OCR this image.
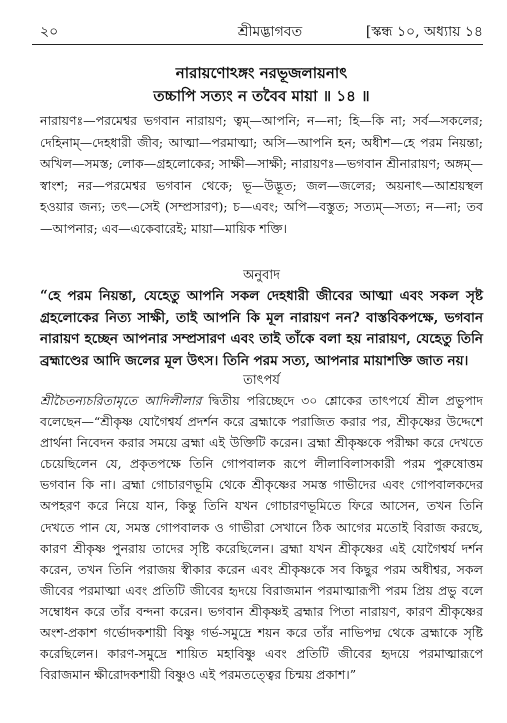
২০	শ্রীমদ্ভাগবত	[স্কন্ধ ১০, অধ্যায় ১৪
নারায়ণোঽঙ্গং নরভূজলায়নাৎ
তচ্চাপি সত্যং ন তবৈব মায়া ॥ ১৪ ॥

নারায়ণঃ—পরমেশ্বর ভগবান নারায়ণ; ত্বম্—আপনি; ন—না; হি—কি না; সর্ব—সকলের; দেহিনাম্—দেহধারী জীব; আত্মা—পরমাত্মা; অসি—আপনি হন; অধীশ—হে পরম নিয়ন্তা; অখিল—সমস্ত; লোক—গ্রহলোকের; সাক্ষী—সাক্ষী; নারায়ণঃ—ভগবান শ্রীনারায়ণ; অঙ্গম্—স্বাংশ; নর—পরমেশ্বর ভগবান থেকে; ভূ—উদ্ভূত; জল—জলের; অয়নাৎ—আশ্রয়স্থল হওয়ার জন্য; তৎ—সেই (সম্প্রসারণ); চ—এবং; অপি—বস্তুত; সত্যম্—সত্য; ন—না; তব—আপনার; এব—একেবারেই; মায়া—মায়িক শক্তি।

অনুবাদ
“হে পরম নিয়ন্তা, যেহেতু আপনি সকল দেহধারী জীবের আত্মা এবং সকল সৃষ্ট গ্রহলোকের নিত্য সাক্ষী, তাই আপনি কি মূল নারায়ণ নন? বাস্তবিকপক্ষে, ভগবান নারায়ণ হচ্ছেন আপনার সম্প্রসারণ এবং তাই তাঁকে বলা হয় নারায়ণ, যেহেতু তিনি ব্রহ্মাণ্ডের আদি জলের মূল উৎস। তিনি পরম সত্য, আপনার মায়াশক্তি জাত নয়।
তাৎপর্য

শ্রীচৈতন্যচরিতামৃতে আদিলীলার দ্বিতীয় পরিচ্ছেদে ৩০ শ্লোকের তাৎপর্যে শ্রীল প্রভুপাদ বলেছেন—“শ্রীকৃষ্ণ যোগৈশ্বর্য প্রদর্শন করে ব্রহ্মাকে পরাজিত করার পর, শ্রীকৃষ্ণের উদ্দেশে প্রার্থনা নিবেদন করার সময়ে ব্রহ্মা এই উক্তিটি করেন। ব্রহ্মা শ্রীকৃষ্ণকে পরীক্ষা করে দেখতে চেয়েছিলেন যে, প্রকৃতপক্ষে তিনি গোপবালক রূপে লীলাবিলাসকারী পরম পুরুষোত্তম ভগবান কি না। ব্রহ্মা গোচারণভূমি থেকে শ্রীকৃষ্ণের সমস্ত গাভীদের এবং গোপবালকদের অপহরণ করে নিয়ে যান, কিন্তু তিনি যখন গোচারণভূমিতে ফিরে আসেন, তখন তিনি দেখতে পান যে, সমস্ত গোপবালক ও গাভীরা সেখানে ঠিক আগের মতোই বিরাজ করছে, কারণ শ্রীকৃষ্ণ পুনরায় তাদের সৃষ্টি করেছিলেন। ব্রহ্মা যখন শ্রীকৃষ্ণের এই যোগৈশ্বর্য দর্শন করেন, তখন তিনি পরাজয় স্বীকার করেন এবং শ্রীকৃষ্ণকে সব কিছুর পরম অধীশ্বর, সকল জীবের পরমাত্মা এবং প্রতিটি জীবের হৃদয়ে বিরাজমান পরমাত্মারূপী পরম প্রিয় প্রভু বলে সম্বোধন করে তাঁর বন্দনা করেন। ভগবান শ্রীকৃষ্ণই ব্রহ্মার পিতা নারায়ণ, কারণ শ্রীকৃষ্ণের অংশ-প্রকাশ গর্ভোদকশায়ী বিষ্ণু গর্ভ-সমুদ্রে শয়ন করে তাঁর নাভিপদ্ম থেকে ব্রহ্মাকে সৃষ্টি করেছিলেন। কারণ-সমুদ্রে শায়িত মহাবিষ্ণু এবং প্রতিটি জীবের হৃদয়ে পরমাত্মারূপে বিরাজমান ক্ষীরোদকশায়ী বিষ্ণুও এই পরমতত্ত্বের চিন্ময় প্রকাশ।”
